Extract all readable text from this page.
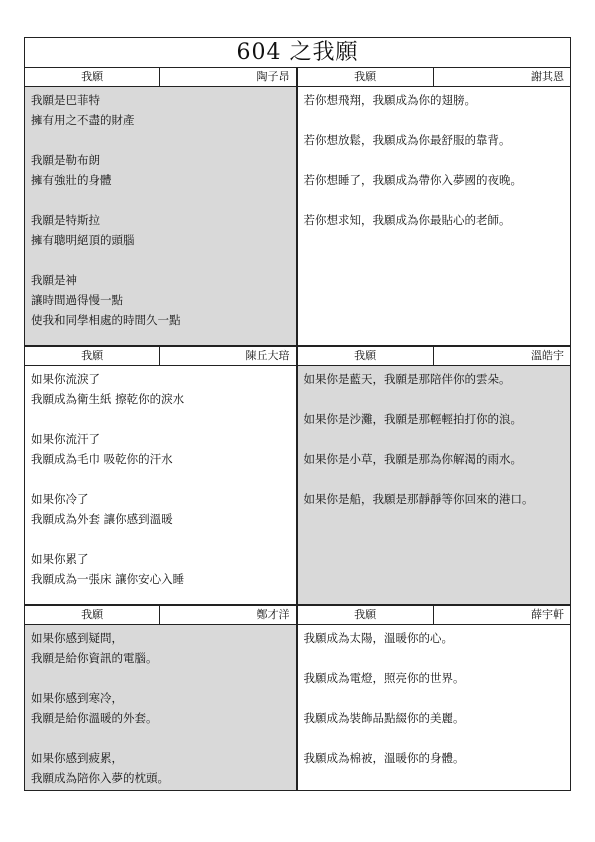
604 之我願
我願	陶子昂
我願是巴菲特
擁有用之不盡的財產
我願是勒布朗
擁有強壯的身體
我願是特斯拉
擁有聰明絕頂的頭腦
我願是神
讓時間過得慢一點
使我和同學相處的時間久一點
我願	謝其恩
若你想飛翔，我願成為你的翅膀。
若你想放鬆，我願成為你最舒服的靠背。
若你想睡了，我願成為帶你入夢國的夜晚。
若你想求知，我願成為你最貼心的老師。
我願	陳丘大琣
如果你流淚了
我願成為衛生紙 擦乾你的淚水
如果你流汗了
我願成為毛巾 吸乾你的汗水
如果你冷了
我願成為外套 讓你感到溫暖
如果你累了
我願成為一張床 讓你安心入睡
我願	溫皓宇
如果你是藍天，我願是那陪伴你的雲朵。
如果你是沙灘，我願是那輕輕拍打你的浪。
如果你是小草，我願是那為你解渴的雨水。
如果你是船，我願是那靜靜等你回來的港口。
我願	鄭才洋
如果你感到疑問，
我願是給你資訊的電腦。
如果你感到寒冷，
我願是給你溫暖的外套。
如果你感到疲累，
我願成為陪你入夢的枕頭。
我願	薛宇軒
我願成為太陽，溫暖你的心。
我願成為電燈，照亮你的世界。
我願成為裝飾品點綴你的美麗。
我願成為棉被，溫暖你的身體。
